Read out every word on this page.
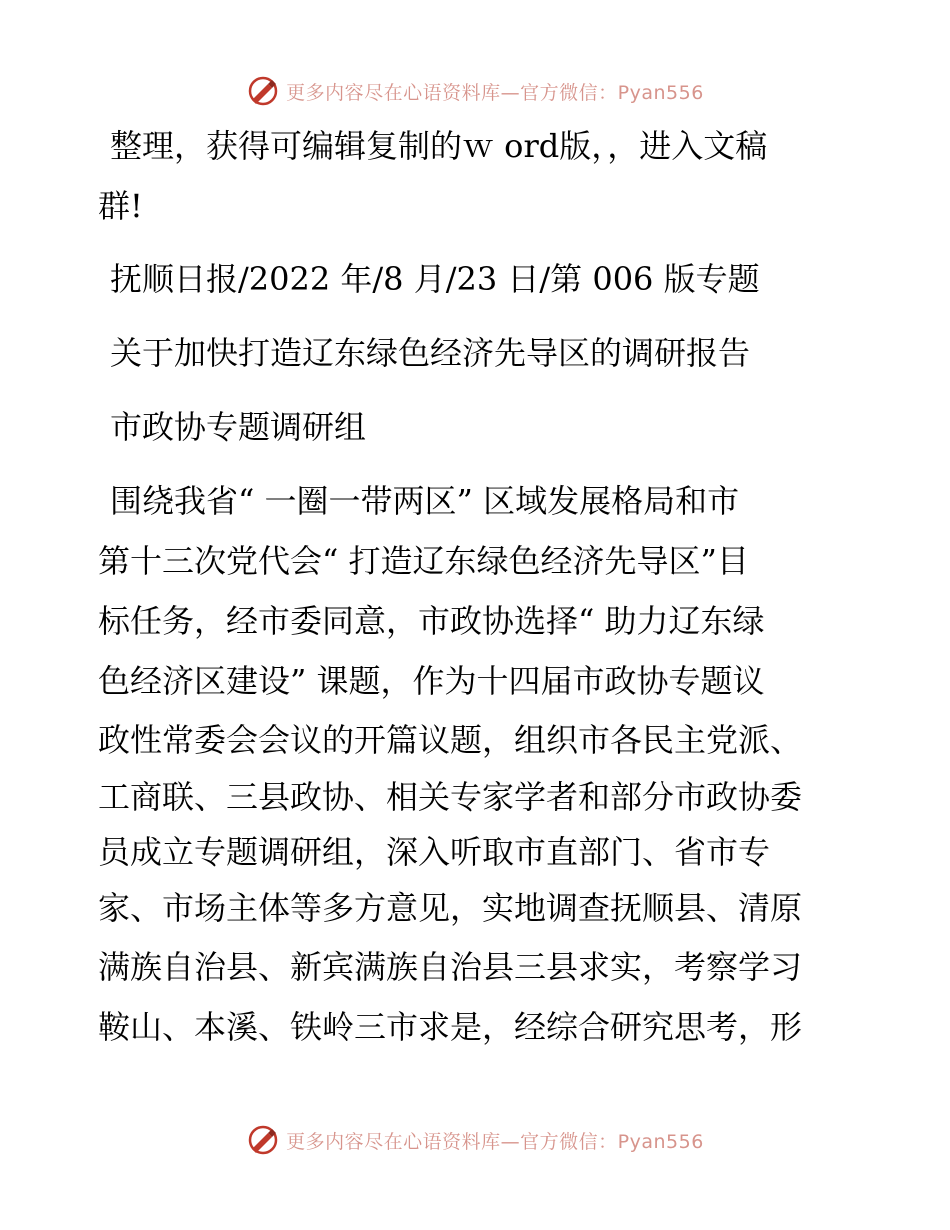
更多内容尽在心语资料库—官方微信：Pyan556
整理，获得可编辑复制的ｗ ord版，，进入文稿
群!
抚顺日报/2022 年/8 月/23 日/第 006 版专题
关于加快打造辽东绿色经济先导区的调研报告
市政协专题调研组
围绕我省“ 一圈一带两区” 区域发展格局和市
第十三次党代会“ 打造辽东绿色经济先导区”目
标任务，经市委同意，市政协选择“ 助力辽东绿
色经济区建设” 课题，作为十四届市政协专题议
政性常委会会议的开篇议题，组织市各民主党派、
工商联、三县政协、相关专家学者和部分市政协委
员成立专题调研组，深入听取市直部门、省市专
家、市场主体等多方意见，实地调查抚顺县、清原
满族自治县、新宾满族自治县三县求实，考察学习
鞍山、本溪、铁岭三市求是，经综合研究思考，形
更多内容尽在心语资料库—官方微信：Pyan556
